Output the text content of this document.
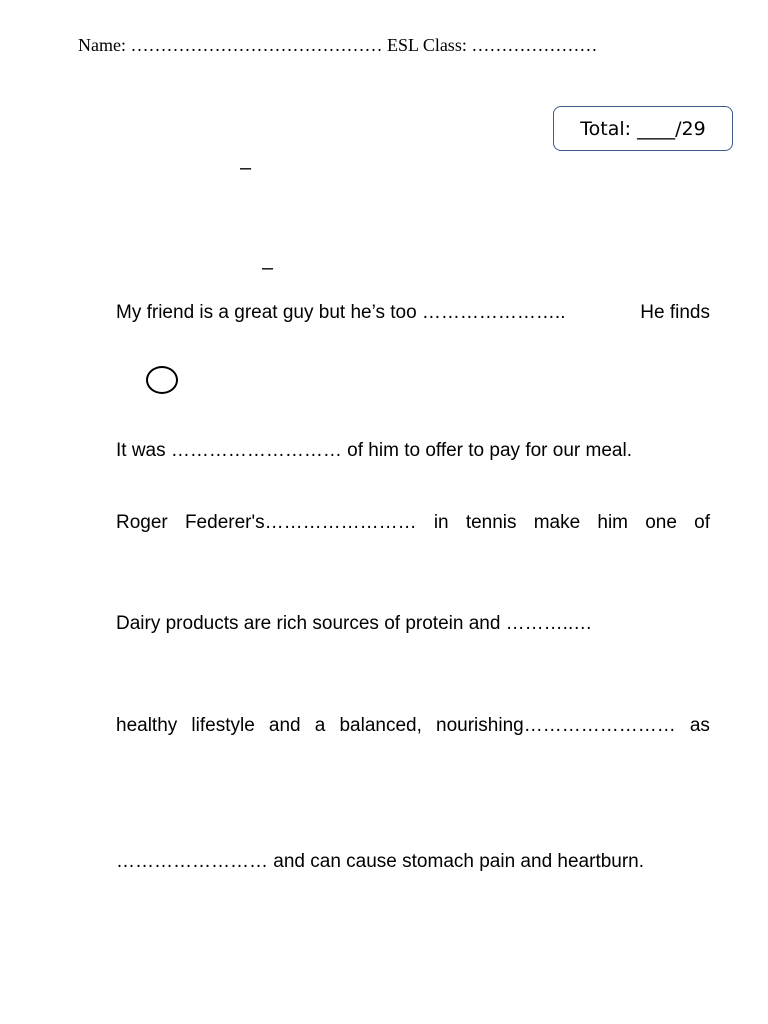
Name: …………………………………… ESL Class: …………………
Total: ____/29
–
–
My friend is a great guy but he’s too …………………..	He finds
It was ……………………… of him to offer to pay for our meal.
Roger Federer's…………………… in tennis make him one of
Dairy products are rich sources of protein and ………..…
healthy lifestyle and a balanced, nourishing…………………… as
…………………… and can cause stomach pain and heartburn.
